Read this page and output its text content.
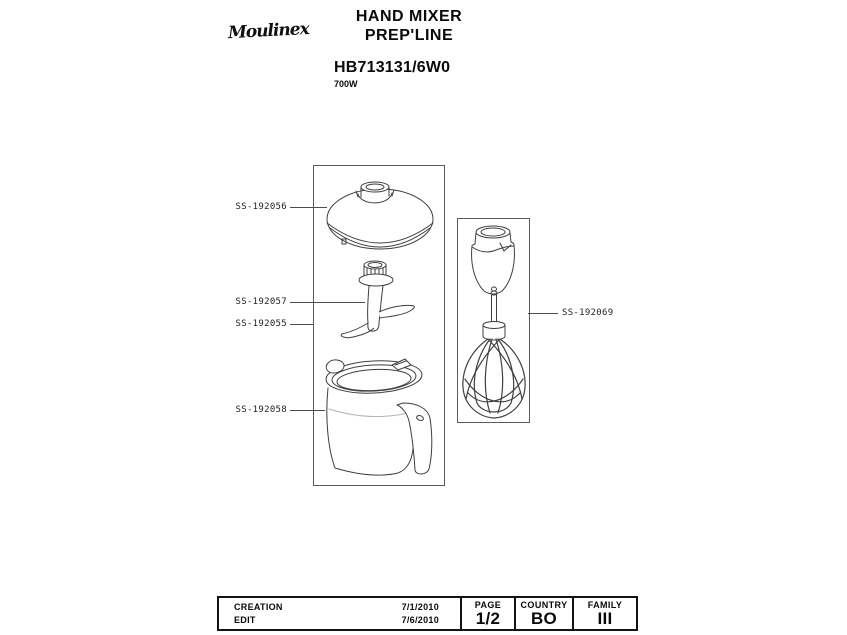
Moulinex
HAND MIXER
PREP'LINE
HB713131/6W0
700W
SS-192056
SS-192057
SS-192055
SS-192058
SS-192069
CREATION	7/1/2010
EDIT	7/6/2010
PAGE
1/2
COUNTRY
BO
FAMILY
III
